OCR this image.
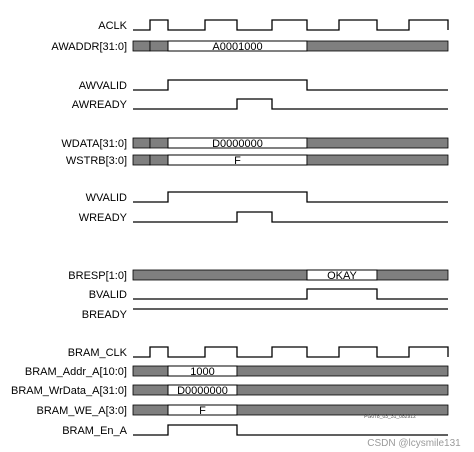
ACLK
AWADDR[31:0]
AWVALID
AWREADY
WDATA[31:0]
WSTRB[3:0]
WVALID
WREADY
BRESP[1:0]
BVALID
BREADY
BRAM_CLK
BRAM_Addr_A[10:0]
BRAM_WrData_A[31:0]
BRAM_WE_A[3:0]
BRAM_En_A
A0001000
D0000000
F
OKAY
1000
D0000000
F	PG078_03_31_082912
CSDN @lcysmile131
